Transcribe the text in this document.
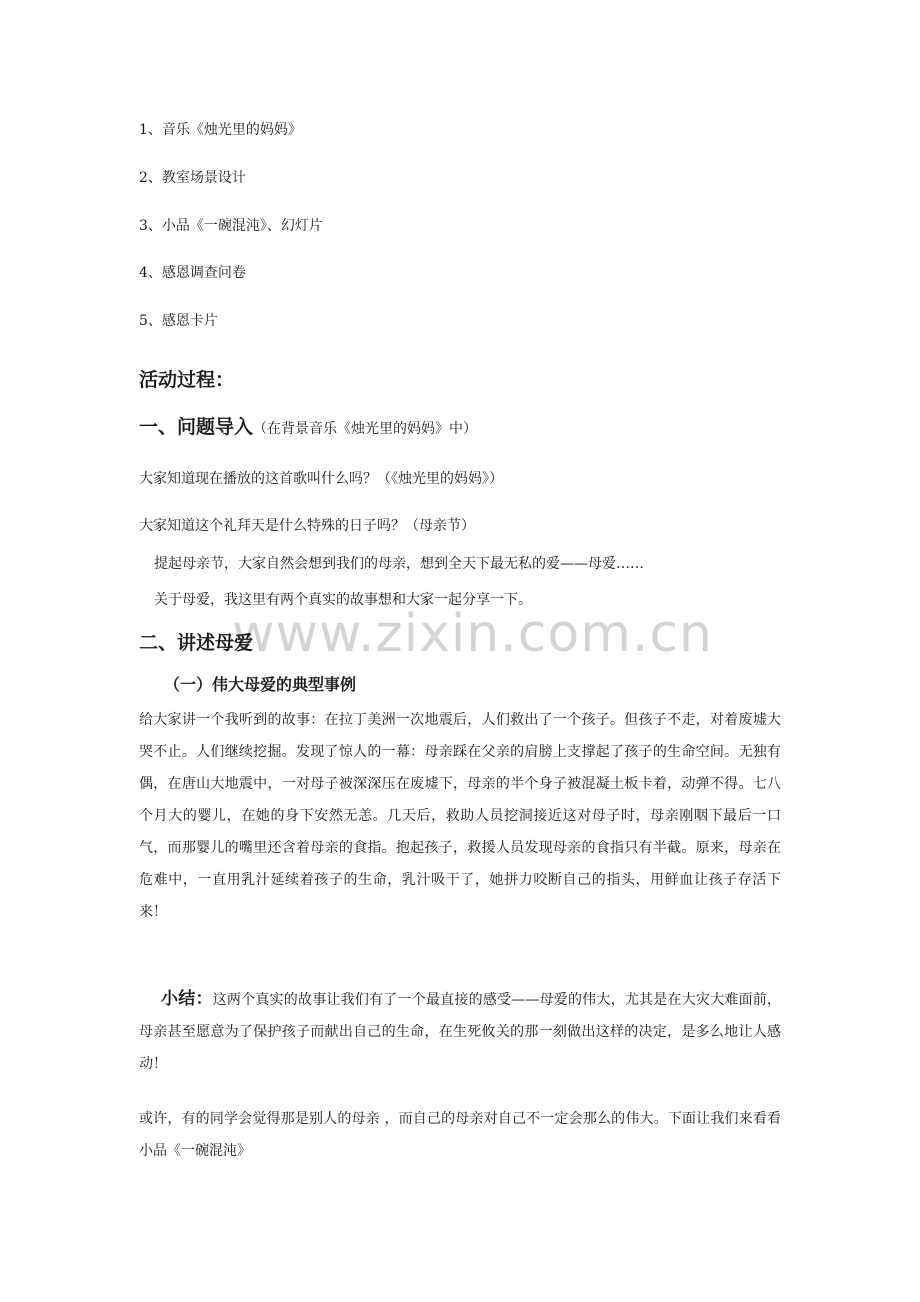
1、音乐《烛光里的妈妈》
2、教室场景设计
3、小品《一碗混沌》、幻灯片
4、感恩调查问卷
5、感恩卡片
活动过程：
一、问题导入（在背景音乐《烛光里的妈妈》中）
大家知道现在播放的这首歌叫什么吗？（《烛光里的妈妈》）
大家知道这个礼拜天是什么特殊的日子吗？（母亲节）
提起母亲节，大家自然会想到我们的母亲，想到全天下最无私的爱——母爱……
关于母爱，我这里有两个真实的故事想和大家一起分享一下。
www.zixin.com.cn
二、讲述母爱
（一）伟大母爱的典型事例
给大家讲一个我听到的故事：在拉丁美洲一次地震后，人们救出了一个孩子。但孩子不走，对着废墟大哭不止。人们继续挖掘。发现了惊人的一幕：母亲踩在父亲的肩膀上支撑起了孩子的生命空间。无独有偶，在唐山大地震中，一对母子被深深压在废墟下，母亲的半个身子被混凝土板卡着，动弹不得。七八个月大的婴儿，在她的身下安然无恙。几天后，救助人员挖洞接近这对母子时，母亲刚咽下最后一口气，而那婴儿的嘴里还含着母亲的食指。抱起孩子，救援人员发现母亲的食指只有半截。原来，母亲在危难中，一直用乳汁延续着孩子的生命，乳汁吸干了，她拼力咬断自己的指头，用鲜血让孩子存活下来！
小结：这两个真实的故事让我们有了一个最直接的感受——母爱的伟大，尤其是在大灾大难面前，母亲甚至愿意为了保护孩子而献出自己的生命，在生死攸关的那一刻做出这样的决定，是多么地让人感动！
或许，有的同学会觉得那是别人的母亲 ，而自己的母亲对自己不一定会那么的伟大。下面让我们来看看小品《一碗混沌》
